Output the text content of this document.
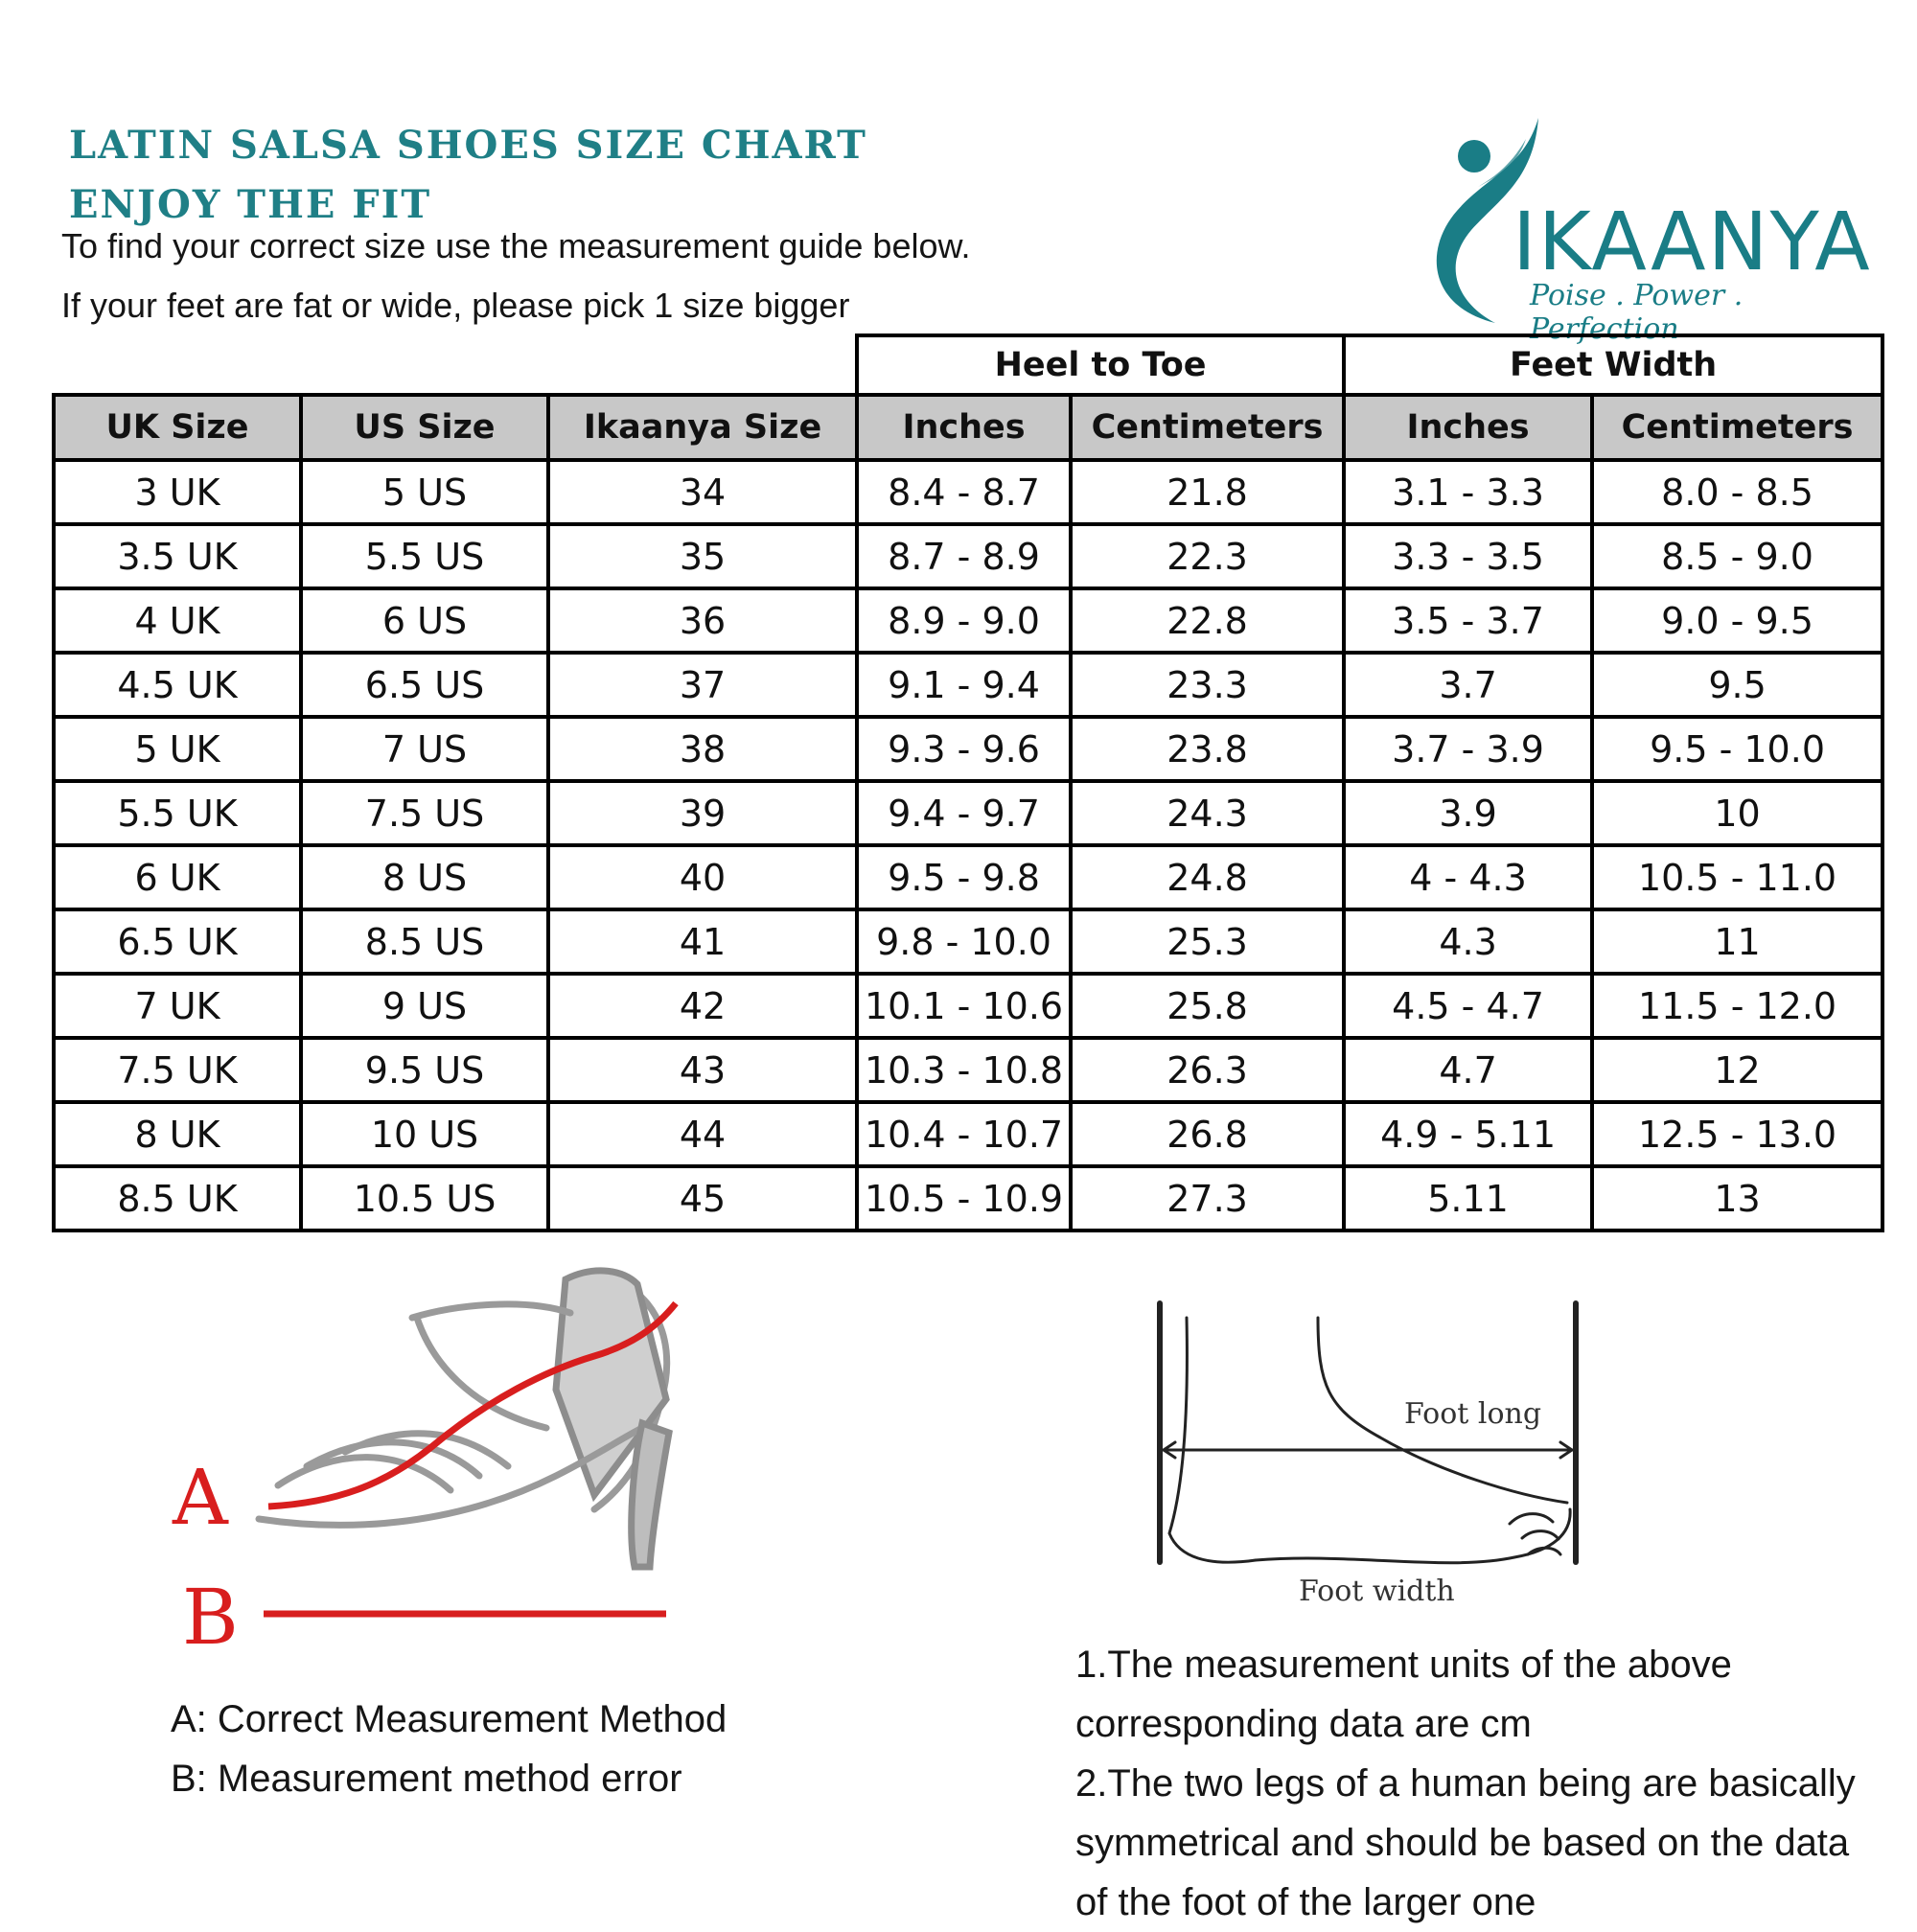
LATIN SALSA SHOES SIZE CHART
ENJOY THE FIT
To find your correct size use the measurement guide below.
If your feet are fat or wide, please pick 1 size bigger
IKAANYA
Poise . Power . Perfection
			Heel to Toe		Feet Width	
UK Size	US Size	Ikaanya Size	Inches	Centimeters	Inches	Centimeters
3 UK	5 US	34	8.4 - 8.7	21.8	3.1 - 3.3	8.0 - 8.5
3.5 UK	5.5 US	35	8.7 - 8.9	22.3	3.3 - 3.5	8.5 - 9.0
4 UK	6 US	36	8.9 - 9.0	22.8	3.5 - 3.7	9.0 - 9.5
4.5 UK	6.5 US	37	9.1 - 9.4	23.3	3.7	9.5
5 UK	7 US	38	9.3 - 9.6	23.8	3.7 - 3.9	9.5 - 10.0
5.5 UK	7.5 US	39	9.4 - 9.7	24.3	3.9	10
6 UK	8 US	40	9.5 - 9.8	24.8	4 - 4.3	10.5 - 11.0
6.5 UK	8.5 US	41	9.8 - 10.0	25.3	4.3	11
7 UK	9 US	42	10.1 - 10.6	25.8	4.5 - 4.7	11.5 - 12.0
7.5 UK	9.5 US	43	10.3 - 10.8	26.3	4.7	12
8 UK	10 US	44	10.4 - 10.7	26.8	4.9 - 5.11	12.5 - 13.0
8.5 UK	10.5 US	45	10.5 - 10.9	27.3	5.11	13
A
B
Foot long
Foot width
A: Correct Measurement Method
B: Measurement method error

1.The measurement units of the above corresponding data are cm

2.The two legs of a human being are basically symmetrical and should be based on the data of the foot of the larger one
